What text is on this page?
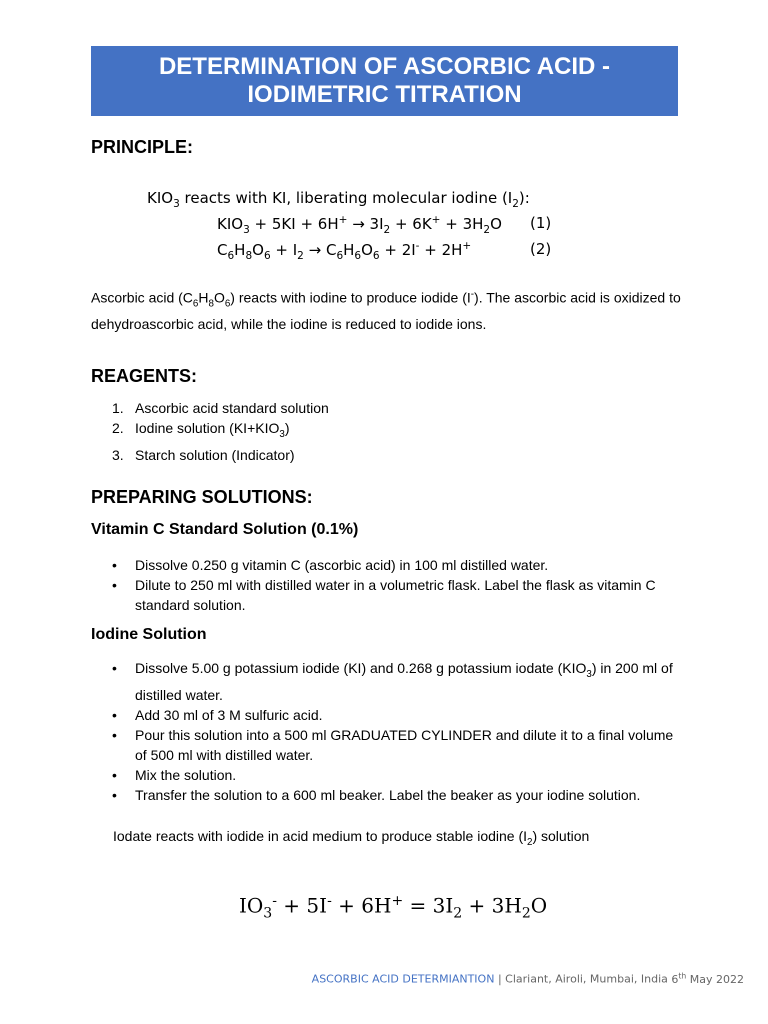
DETERMINATION OF ASCORBIC ACID -
IODIMETRIC TITRATION
PRINCIPLE:
$KIO_3$ reacts with KI, liberating molecular iodine $(I_2)$:
$KIO_3 + 5KI + 6H^+ \to 3I_2 + 6K^+ + 3H_2O$ (1)
$C_6H_8O_6 + I_2 \to C_6H_6O_6 + 2I^- + 2H^+$	(2)
Ascorbic acid $(C_6H_8O_6)$ reacts with iodine to produce iodide (I-). The ascorbic acid is oxidized to dehydroascorbic acid, while the iodine is reduced to iodide ions.
REAGENTS:
1. Ascorbic acid standard solution
2. Iodine solution $(KI+KIO_3)$
3. Starch solution (Indicator)
PREPARING SOLUTIONS:
Vitamin C Standard Solution (0.1%)
• Dissolve 0.250 g vitamin C (ascorbic acid) in 100 ml distilled water.
• Dilute to 250 ml with distilled water in a volumetric flask. Label the flask as vitamin C standard solution.
Iodine Solution
• Dissolve 5.00 g potassium iodide (KI) and 0.268 g potassium iodate $(KIO_3)$ in 200 ml of distilled water.
• Add 30 ml of 3 M sulfuric acid.
• Pour this solution into a 500 ml GRADUATED CYLINDER and dilute it to a final volume of 500 ml with distilled water.
• Mix the solution.
• Transfer the solution to a 600 ml beaker. Label the beaker as your iodine solution.
Iodate reacts with iodide in acid medium to produce stable iodine $(I_2)$ solution
$IO_3^- + 5I^- + 6H^+ = 3I_2 + 3H_2O$
ASCORBIC ACID DETERMIANTION | Clariant, Airoli, Mumbai, India 6th May 2022
